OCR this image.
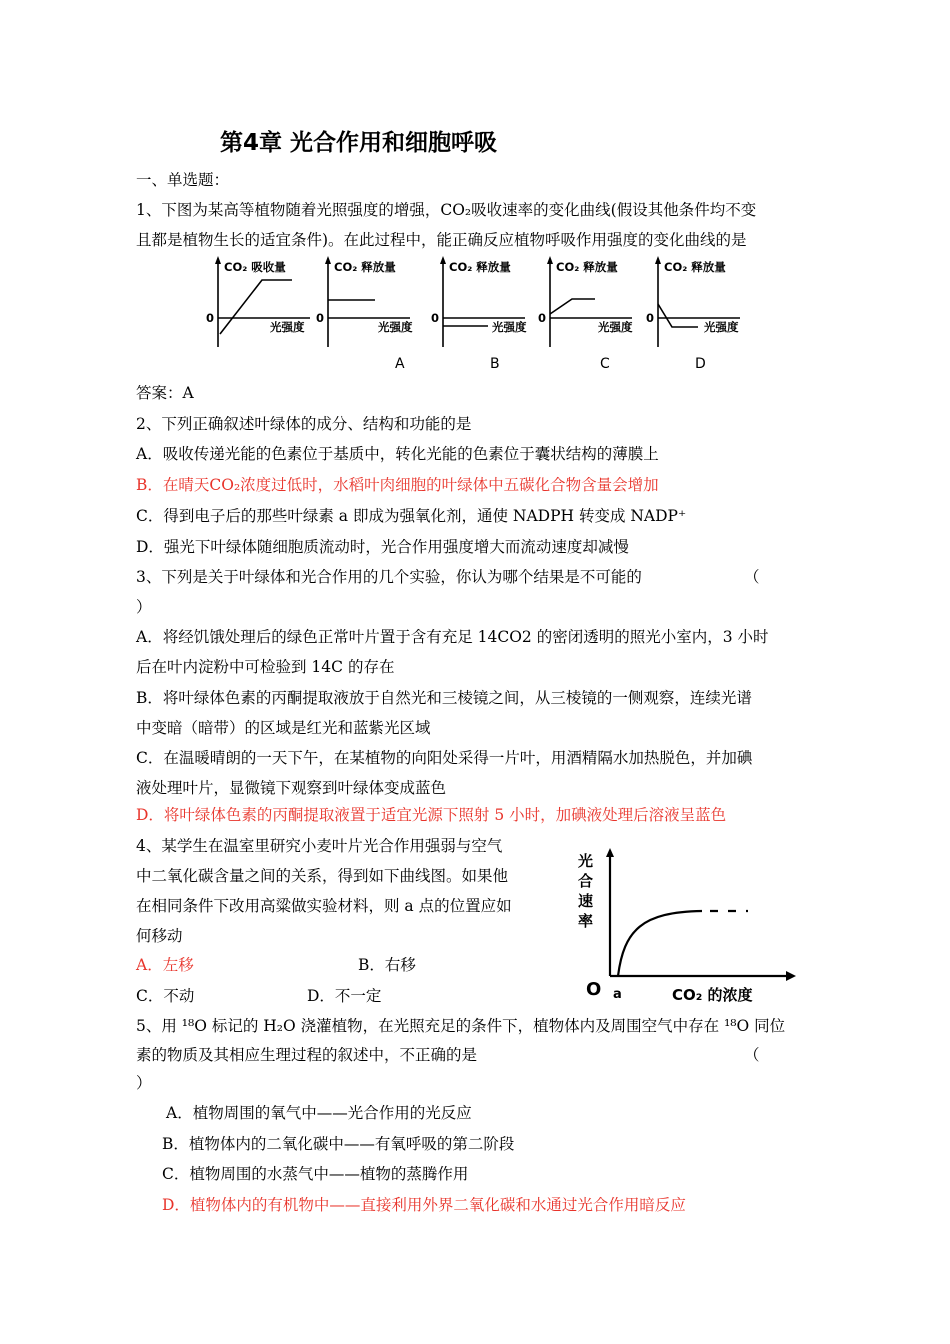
第4章 光合作用和细胞呼吸
一、单选题：
1、下图为某高等植物随着光照强度的增强，CO₂吸收速率的变化曲线(假设其他条件均不变
且都是植物生长的适宜条件)。在此过程中，能正确反应植物呼吸作用强度的变化曲线的是
CO₂ 吸收量	CO₂ 释放量	CO₂ 释放量	CO₂ 释放量	CO₂ 释放量
0	0	0	0	0
光强度	光强度	光强度	光强度	光强度
A	B	C	D
答案：A
2、下列正确叙述叶绿体的成分、结构和功能的是
A．吸收传递光能的色素位于基质中，转化光能的色素位于囊状结构的薄膜上
B．在晴天CO₂浓度过低时，水稻叶肉细胞的叶绿体中五碳化合物含量会增加
C．得到电子后的那些叶绿素 a 即成为强氧化剂，通使 NADPH 转变成 NADP⁺
D．强光下叶绿体随细胞质流动时，光合作用强度增大而流动速度却减慢
3、下列是关于叶绿体和光合作用的几个实验，你认为哪个结果是不可能的	（
）
A．将经饥饿处理后的绿色正常叶片置于含有充足 14CO2 的密闭透明的照光小室内，3 小时
后在叶内淀粉中可检验到 14C 的存在
B．将叶绿体色素的丙酮提取液放于自然光和三棱镜之间，从三棱镜的一侧观察，连续光谱
中变暗（暗带）的区域是红光和蓝紫光区域
C．在温暖晴朗的一天下午，在某植物的向阳处采得一片叶，用酒精隔水加热脱色，并加碘
液处理叶片，显微镜下观察到叶绿体变成蓝色
D．将叶绿体色素的丙酮提取液置于适宜光源下照射 5 小时，加碘液处理后溶液呈蓝色
4、某学生在温室里研究小麦叶片光合作用强弱与空气
中二氧化碳含量之间的关系，得到如下曲线图。如果他
在相同条件下改用高粱做实验材料，则 a 点的位置应如
何移动
A．左移	B．右移
C．不动	D．不一定
光
合
速
率
O a	CO₂ 的浓度
5、用 ¹⁸O 标记的 H₂O 浇灌植物，在光照充足的条件下，植物体内及周围空气中存在 ¹⁸O 同位
素的物质及其相应生理过程的叙述中，不正确的是	（
）
A．植物周围的氧气中——光合作用的光反应
B．植物体内的二氧化碳中——有氧呼吸的第二阶段
C．植物周围的水蒸气中——植物的蒸腾作用
D．植物体内的有机物中——直接利用外界二氧化碳和水通过光合作用暗反应
